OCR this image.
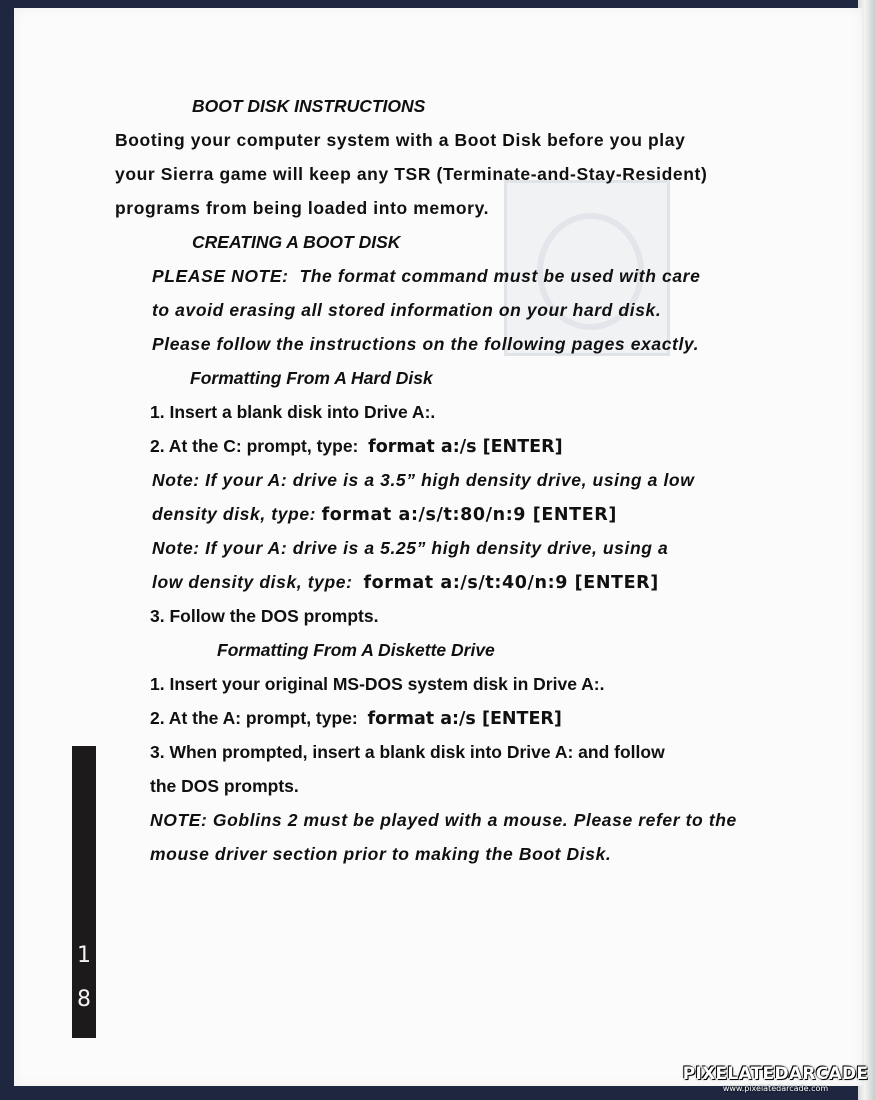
BOOT DISK INSTRUCTIONS

Booting your computer system with a Boot Disk before you play

your Sierra game will keep any TSR (Terminate-and-Stay-Resident)

programs from being loaded into memory.

CREATING A BOOT DISK

PLEASE NOTE: The format command must be used with care

to avoid erasing all stored information on your hard disk.

Please follow the instructions on the following pages exactly.

Formatting From A Hard Disk

1. Insert a blank disk into Drive A:.

2. At the C: prompt, type: format a:/s [ENTER]

Note: If your A: drive is a 3.5” high density drive, using a low

density disk, type: format a:/s/t:80/n:9 [ENTER]

Note: If your A: drive is a 5.25” high density drive, using a

low density disk, type: format a:/s/t:40/n:9 [ENTER]

3. Follow the DOS prompts.

Formatting From A Diskette Drive

1. Insert your original MS-DOS system disk in Drive A:.

2. At the A: prompt, type: format a:/s [ENTER]

3. When prompted, insert a blank disk into Drive A: and follow

the DOS prompts.

NOTE: Goblins 2 must be played with a mouse. Please refer to the

mouse driver section prior to making the Boot Disk.

1
8
PIXELATEDARCADE
www.pixelatedarcade.com
